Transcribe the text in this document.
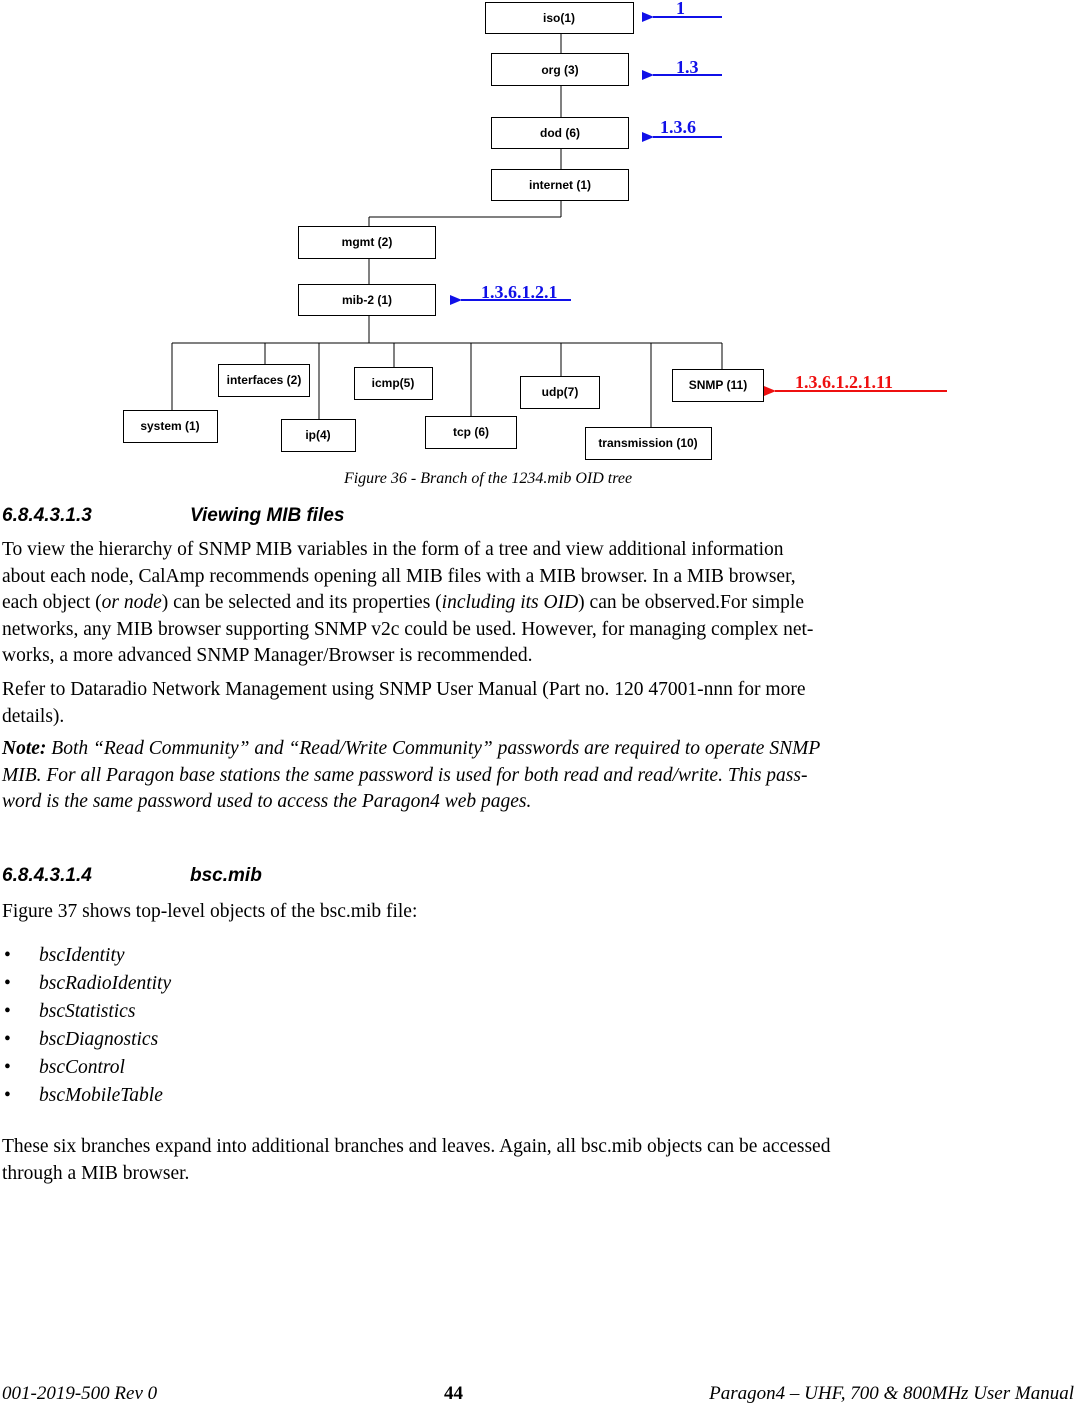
iso(1)
org (3)
dod (6)
internet (1)
mgmt (2)
mib-2 (1)
interfaces (2)	icmp(5)
udp(7)	SNMP (11)
system (1)
ip(4)	tcp (6)
transmission (10)
1
1.3
1.3.6
1.3.6.1.2.1
1.3.6.1.2.1.11
Figure 36 - Branch of the 1234.mib OID tree
6.8.4.3.1.3	Viewing MIB files

To view the hierarchy of SNMP MIB variables in the form of a tree and view additional information
about each node, CalAmp recommends opening all MIB files with a MIB browser. In a MIB browser,
each object (or node) can be selected and its properties (including its OID) can be observed.For simple
networks, any MIB browser supporting SNMP v2c could be used. However, for managing complex net-
works, a more advanced SNMP Manager/Browser is recommended.

Refer to Dataradio Network Management using SNMP User Manual (Part no. 120 47001-nnn for more
details).

Note: Both “Read Community” and “Read/Write Community” passwords are required to operate SNMP
MIB. For all Paragon base stations the same password is used for both read and read/write. This pass-
word is the same password used to access the Paragon4 web pages.

6.8.4.3.1.4	bsc.mib

Figure 37 shows top-level objects of the bsc.mib file:

• bscIdentity
• bscRadioIdentity
• bscStatistics
• bscDiagnostics
• bscControl
• bscMobileTable

These six branches expand into additional branches and leaves. Again, all bsc.mib objects can be accessed
through a MIB browser.

001-2019-500 Rev 0	44	Paragon4 – UHF, 700 & 800MHz User Manual
